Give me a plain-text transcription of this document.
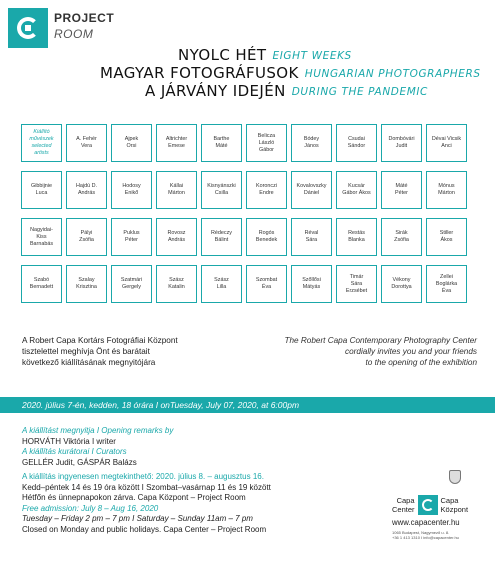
PROJECT
ROOM
NYOLC HÉT EIGHT WEEKS
MAGYAR FOTOGRÁFUSOK HUNGARIAN PHOTOGRAPHERS
A JÁRVÁNY IDEJÉN DURING THE PANDEMIC
Kiállító
művészek
selected
artists
A. Fehér
Vera
Ajpek
Orsi
Altrichter
Emese
Barthe
Máté
Belicza
László
Gábor
Bódey
János
Csudai
Sándor
Dombóvári
Judit
Dévai Vicsik
Anci
Gibbijnie
Luca
Hajdú D.
András
Hodosy
Enikő
Kállai
Márton
Kisnyánszki
Csilla
Koronczi
Endre
Kovalovszky
Dániel
Kucsár
Gábor Ákos
Máté
Péter
Mónus
Márton
Nagyidai-
Kiss
Barnabás
Pályi
Zsófia
Puklus
Péter
Rovosz
András
Rédeczy
Bálint
Rogós
Benedek
Réval
Sára
Restás
Blanka
Sirák
Zsófia
Stiller
Ákos
Szabó
Bernadett
Szalay
Krisztina
Szatmári
Gergely
Szász
Katalin
Szász
Lilla
Szombat
Éva
Szőllősi
Mátyás
Timár
Sára
Erzsébet
Vékony
Dorottya
Zellei
Boglárka
Éva
A Robert Capa Kortárs Fotográfiai Központ
tisztelettel meghívja Önt és barátait
következő kiállításának megnyitójára
The Robert Capa Contemporary Photography Center
cordially invites you and your friends
to the opening of the exhibition
2020. július 7-én, kedden, 18 órára I onTuesday, July 07, 2020, at 6:00pm
A kiállítást megnyitja I Opening remarks by
HORVÁTH Viktória I writer
A kiállítás kurátorai I Curators
GELLÉR Judit, GÁSPÁR Balázs
A kiállítás ingyenesen megtekinthető: 2020. július 8. – augusztus 16.
Kedd–péntek 14 és 19 óra között I Szombat–vasárnap 11 és 19 között
Hétfőn és ünnepnapokon zárva. Capa Központ – Project Room
Free admission: July 8 – Aug 16, 2020
Tuesday – Friday 2 pm – 7 pm I Saturday – Sunday 11am – 7 pm
Closed on Monday and public holidays. Capa Center – Project Room
Capa
Center
Capa
Központ
www.capacenter.hu
1065 Budapest, Nagymező u. 8.
+36 1 413 1310 I info@capacenter.hu
